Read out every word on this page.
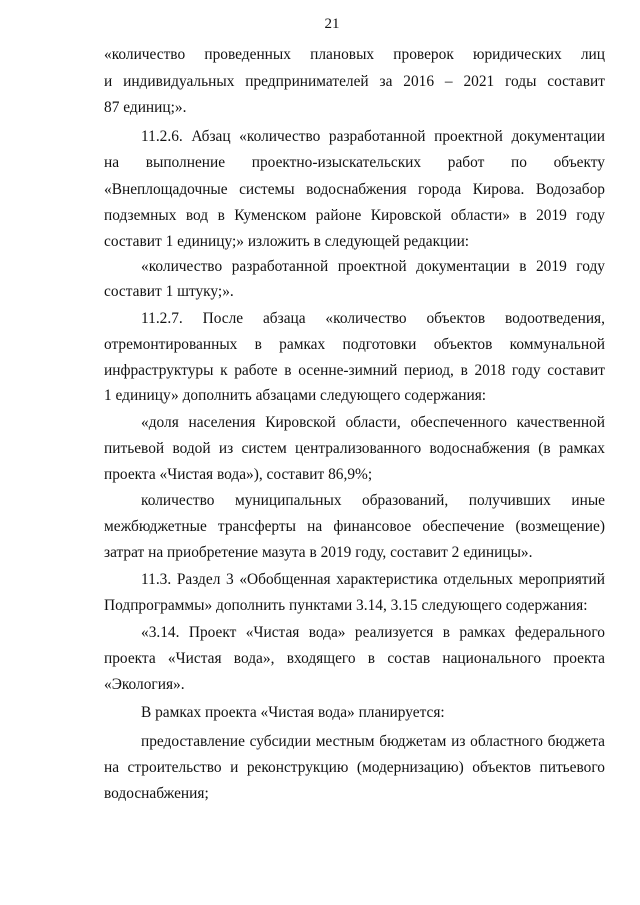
21
«количество проведенных плановых проверок юридических лиц
и индивидуальных предпринимателей за 2016 – 2021 годы составит
87 единиц;».
11.2.6. Абзац «количество разработанной проектной документации
на выполнение проектно-изыскательских работ по объекту
«Внеплощадочные системы водоснабжения города Кирова. Водозабор
подземных вод в Куменском районе Кировской области» в 2019 году
составит 1 единицу;» изложить в следующей редакции:
«количество разработанной проектной документации в 2019 году
составит 1 штуку;».
11.2.7. После абзаца «количество объектов водоотведения,
отремонтированных в рамках подготовки объектов коммунальной
инфраструктуры к работе в осенне-зимний период, в 2018 году составит
1 единицу» дополнить абзацами следующего содержания:
«доля населения Кировской области, обеспеченного качественной
питьевой водой из систем централизованного водоснабжения (в рамках
проекта «Чистая вода»), составит 86,9%;
количество муниципальных образований, получивших иные
межбюджетные трансферты на финансовое обеспечение (возмещение)
затрат на приобретение мазута в 2019 году, составит 2 единицы».
11.3. Раздел 3 «Обобщенная характеристика отдельных мероприятий
Подпрограммы» дополнить пунктами 3.14, 3.15 следующего содержания:
«3.14. Проект «Чистая вода» реализуется в рамках федерального
проекта «Чистая вода», входящего в состав национального проекта
«Экология».
В рамках проекта «Чистая вода» планируется:
предоставление субсидии местным бюджетам из областного бюджета
на строительство и реконструкцию (модернизацию) объектов питьевого
водоснабжения;
